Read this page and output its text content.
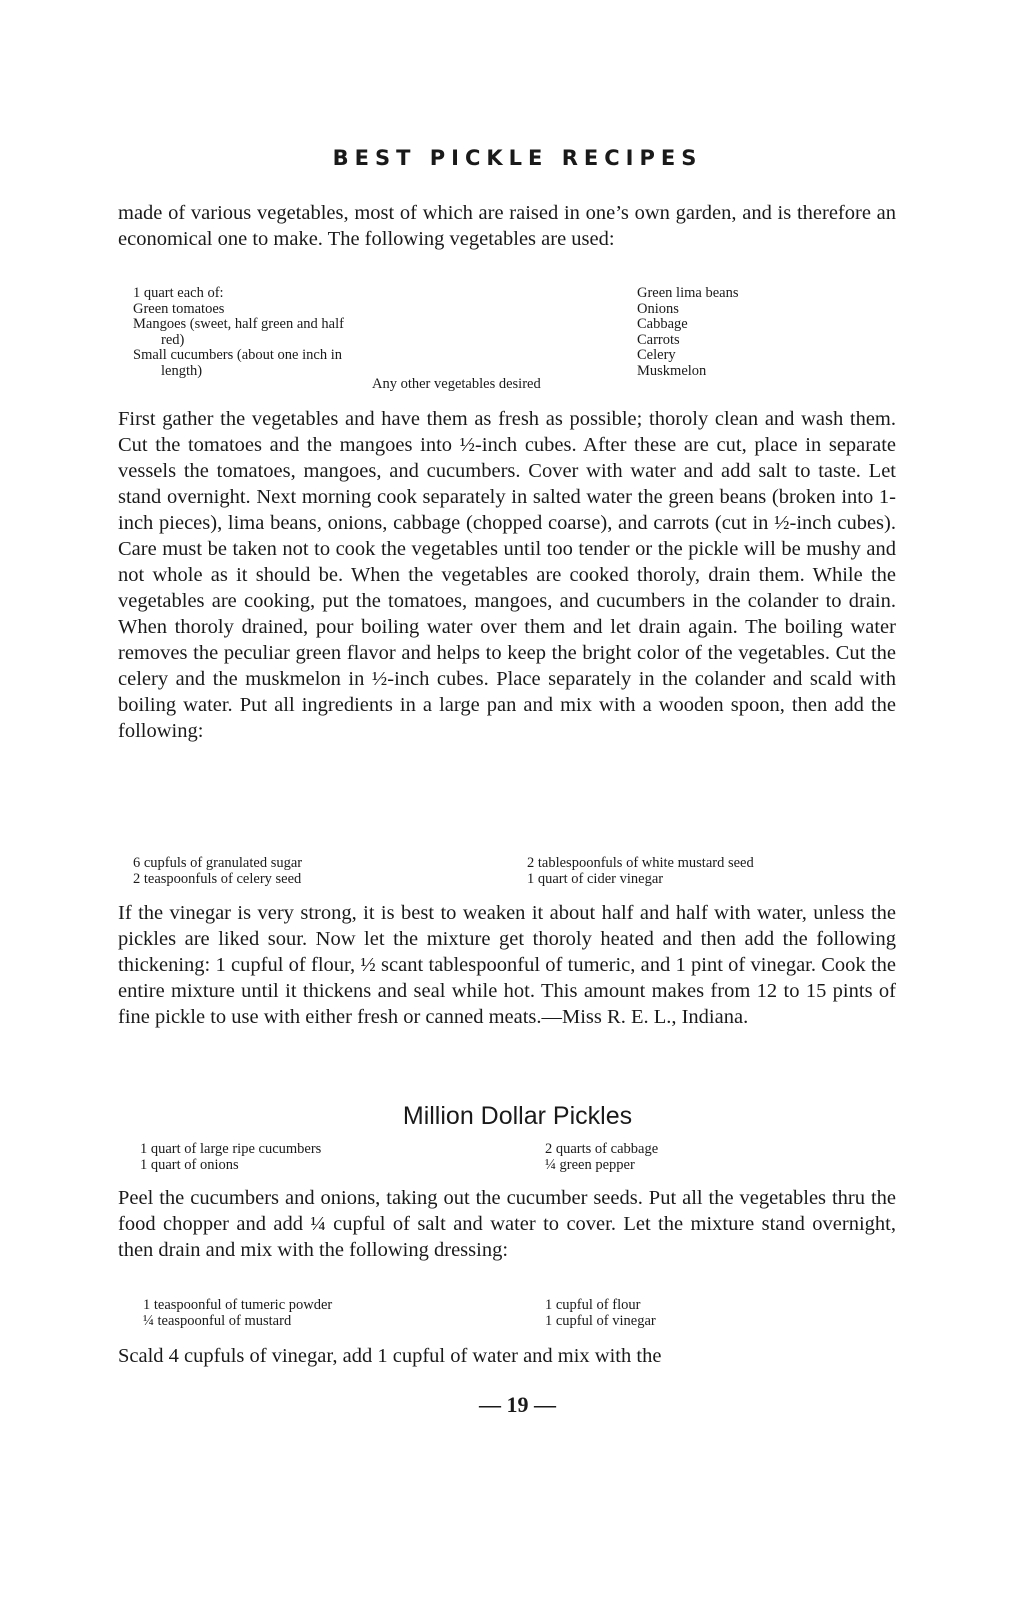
BEST PICKLE RECIPES

made of various vegetables, most of which are raised in one’s own garden, and is therefore an economical one to make. The following vegetables are used:

1 quart each of:
Green tomatoes
Mangoes (sweet, half green and half
red)
Small cucumbers (about one inch in
length)
Green lima beans
Onions
Cabbage
Carrots
Celery
Muskmelon
Any other vegetables desired

First gather the vegetables and have them as fresh as possible; thoroly clean and wash them. Cut the tomatoes and the mangoes into ½-inch cubes. After these are cut, place in separate vessels the tomatoes, mangoes, and cucumbers. Cover with water and add salt to taste. Let stand overnight. Next morning cook separately in salted water the green beans (broken into 1-inch pieces), lima beans, onions, cabbage (chopped coarse), and carrots (cut in ½-inch cubes). Care must be taken not to cook the vegetables until too tender or the pickle will be mushy and not whole as it should be. When the vegetables are cooked thoroly, drain them. While the vegetables are cooking, put the tomatoes, mangoes, and cucumbers in the colander to drain. When thoroly drained, pour boiling water over them and let drain again. The boiling water removes the peculiar green flavor and helps to keep the bright color of the vegetables. Cut the celery and the muskmelon in ½-inch cubes. Place separately in the colander and scald with boiling water. Put all ingredients in a large pan and mix with a wooden spoon, then add the following:

6 cupfuls of granulated sugar
2 teaspoonfuls of celery seed
2 tablespoonfuls of white mustard seed
1 quart of cider vinegar

If the vinegar is very strong, it is best to weaken it about half and half with water, unless the pickles are liked sour. Now let the mixture get thoroly heated and then add the following thickening: 1 cupful of flour, ½ scant tablespoonful of tumeric, and 1 pint of vinegar. Cook the entire mixture until it thickens and seal while hot. This amount makes from 12 to 15 pints of fine pickle to use with either fresh or canned meats.—Miss R. E. L., Indiana.

Million Dollar Pickles
1 quart of large ripe cucumbers
1 quart of onions
2 quarts of cabbage
¼ green pepper

Peel the cucumbers and onions, taking out the cucumber seeds. Put all the vegetables thru the food chopper and add ¼ cupful of salt and water to cover. Let the mixture stand overnight, then drain and mix with the following dressing:

1 teaspoonful of tumeric powder
¼ teaspoonful of mustard
1 cupful of flour
1 cupful of vinegar

Scald 4 cupfuls of vinegar, add 1 cupful of water and mix with the

— 19 —
